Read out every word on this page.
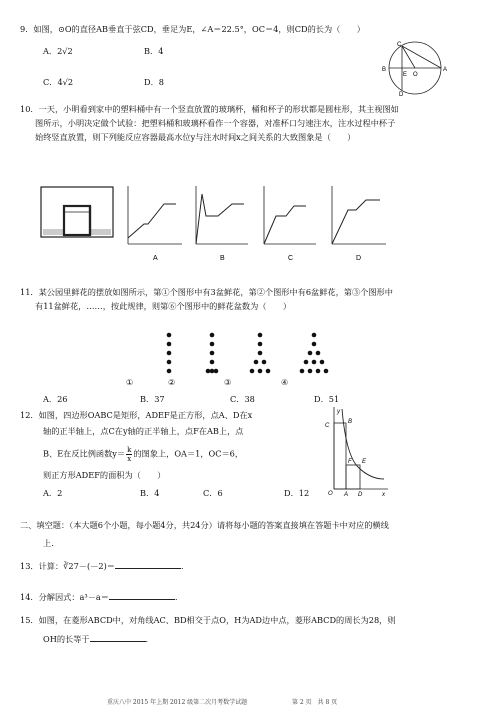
9．如图，⊙O的直径AB垂直于弦CD，垂足为E，∠A＝22.5°，OC＝4，则CD的长为（　　）
A．2√2	B．4
C．4√2	D．8
C
A
E O
B
D
10．一天，小明看到家中的塑料桶中有一个竖直放置的玻璃杯，桶和杯子的形状都是圆柱形，其主视图如
图所示，小明决定做个试验：把塑料桶和玻璃杯看作一个容器，对准杯口匀速注水，注水过程中杯子
始终竖直放置，则下列能反应容器最高水位y与注水时间x之间关系的大致图象是（　　）
A	B	C	D
11．某公园里鲜花的摆放如图所示，第①个图形中有3盆鲜花，第②个图形中有6盆鲜花，第③个图形中
有11盆鲜花，……，按此规律，则第⑥个图形中的鲜花盆数为（　　）
①	②	③	④
A．26	B．37	C．38	D．51
12．如图，四边形OABC是矩形，ADEF是正方形，点A、D在x
轴的正半轴上，点C在y轴的正半轴上，点F在AB上，点
B、E在反比例函数$y= \frac{k}{x}$ 的图象上，OA＝1，OC＝6，
则正方形ADEF的面积为（　　）
A．2	B．4	C．6	D．12
y
C
B
F E
O A D	x
二、填空题：（本大题6个小题，每小题4分，共24分）请将每小题的答案直接填在答题卡中对应的横线
上.
13．计算：∛27－(－2)＝	．
14．分解因式：a³－a＝	．
15．如图，在菱形ABCD中，对角线AC、BD相交于点O，H为AD边中点，菱形ABCD的周长为28，则
OH的长等于	．
重庆八中 2015 年上期 2012 级第二次月考数学试题	第 2 页　共 8 页
